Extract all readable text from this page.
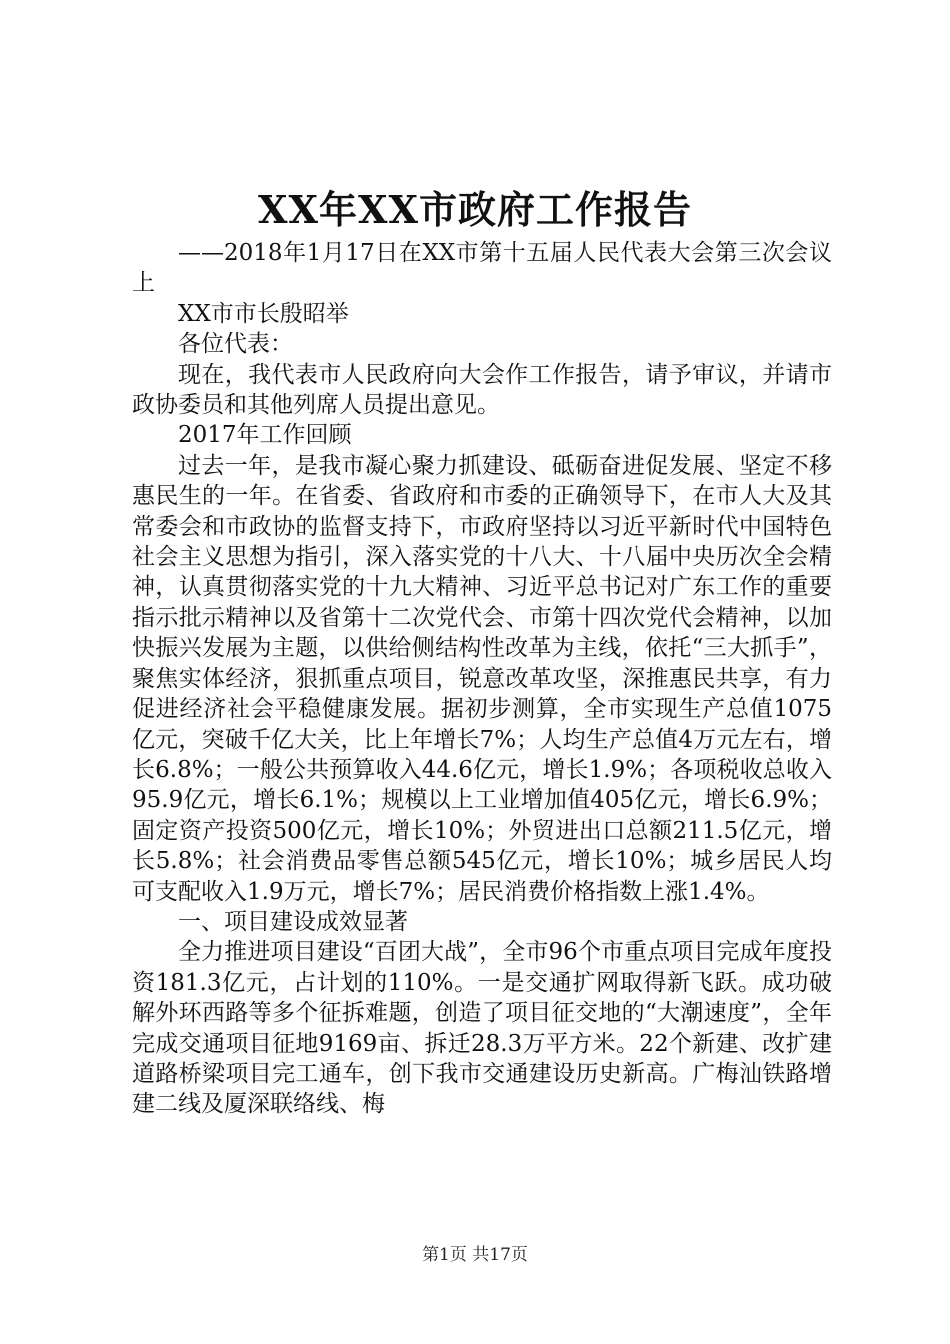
XX年XX市政府工作报告

——2018年1月17日在XX市第十五届人民代表大会第三次会议上

XX市市长殷昭举

各位代表：

现在，我代表市人民政府向大会作工作报告，请予审议，并请市政协委员和其他列席人员提出意见。

2017年工作回顾

过去一年，是我市凝心聚力抓建设、砥砺奋进促发展、坚定不移惠民生的一年。在省委、省政府和市委的正确领导下，在市人大及其常委会和市政协的监督支持下，市政府坚持以习近平新时代中国特色社会主义思想为指引，深入落实党的十八大、十八届中央历次全会精神，认真贯彻落实党的十九大精神、习近平总书记对广东工作的重要指示批示精神以及省第十二次党代会、市第十四次党代会精神，以加快振兴发展为主题，以供给侧结构性改革为主线，依托“三大抓手”，聚焦实体经济，狠抓重点项目，锐意改革攻坚，深推惠民共享，有力促进经济社会平稳健康发展。据初步测算，全市实现生产总值1075亿元，突破千亿大关，比上年增长7%；人均生产总值4万元左右，增长6.8%；一般公共预算收入44.6亿元，增长1.9%；各项税收总收入95.9亿元，增长6.1%；规模以上工业增加值405亿元，增长6.9%；固定资产投资500亿元，增长10%；外贸进出口总额211.5亿元，增长5.8%；社会消费品零售总额545亿元，增长10%；城乡居民人均可支配收入1.9万元，增长7%；居民消费价格指数上涨1.4%。

一、项目建设成效显著

全力推进项目建设“百团大战”，全市96个市重点项目完成年度投资181.3亿元，占计划的110%。一是交通扩网取得新飞跃。成功破解外环西路等多个征拆难题，创造了项目征交地的“大潮速度”，全年完成交通项目征地9169亩、拆迁28.3万平方米。22个新建、改扩建道路桥梁项目完工通车，创下我市交通建设历史新高。广梅汕铁路增建二线及厦深联络线、梅

第1页 共17页
